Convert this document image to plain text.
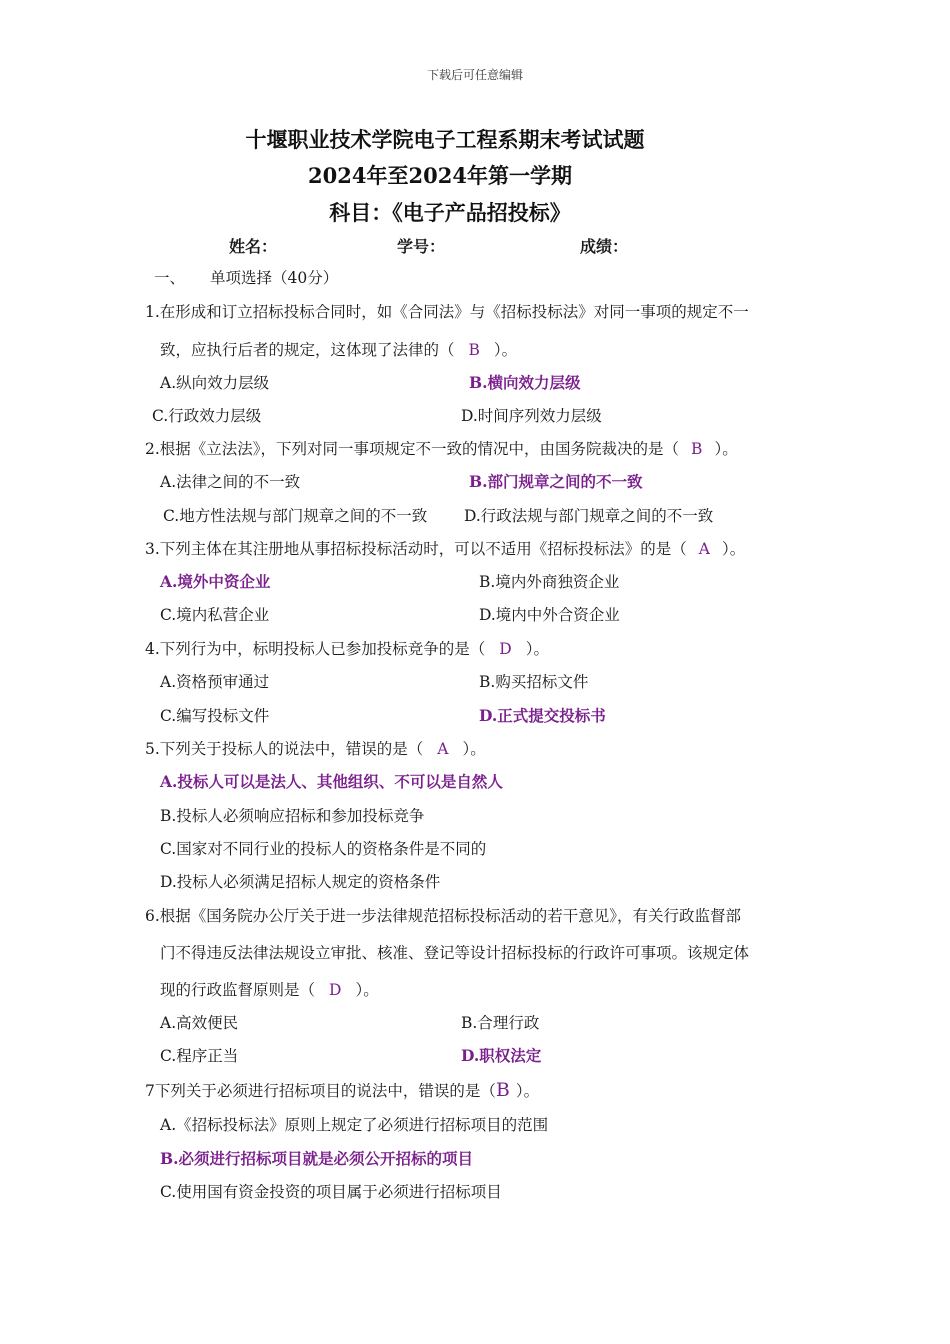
下载后可任意编辑
十堰职业技术学院电子工程系期末考试试题
2024年至2024年第一学期
科目：《电子产品招投标》
姓名：	学号：	成绩：
一、 单项选择（40分）
1.在形成和订立招标投标合同时，如《合同法》与《招标投标法》对同一事项的规定不一
致，应执行后者的规定，这体现了法律的（ B ）。
A.纵向效力层级	B.横向效力层级
C.行政效力层级	D.时间序列效力层级
2.根据《立法法》，下列对同一事项规定不一致的情况中，由国务院裁决的是（ B ）。
A.法律之间的不一致	B.部门规章之间的不一致
C.地方性法规与部门规章之间的不一致 D.行政法规与部门规章之间的不一致
3.下列主体在其注册地从事招标投标活动时，可以不适用《招标投标法》的是（ A ）。
A.境外中资企业	B.境内外商独资企业
C.境内私营企业	D.境内中外合资企业
4.下列行为中，标明投标人已参加投标竞争的是（ D ）。
A.资格预审通过	B.购买招标文件
C.编写投标文件	D.正式提交投标书
5.下列关于投标人的说法中，错误的是（ A ）。
A.投标人可以是法人、其他组织、不可以是自然人
B.投标人必须响应招标和参加投标竞争
C.国家对不同行业的投标人的资格条件是不同的
D.投标人必须满足招标人规定的资格条件
6.根据《国务院办公厅关于进一步法律规范招标投标活动的若干意见》，有关行政监督部
门不得违反法律法规设立审批、核准、登记等设计招标投标的行政许可事项。该规定体
现的行政监督原则是（ D ）。
A.高效便民	B.合理行政
C.程序正当	D.职权法定
7下列关于必须进行招标项目的说法中，错误的是（B ）。
A.《招标投标法》原则上规定了必须进行招标项目的范围
B.必须进行招标项目就是必须公开招标的项目
C.使用国有资金投资的项目属于必须进行招标项目
